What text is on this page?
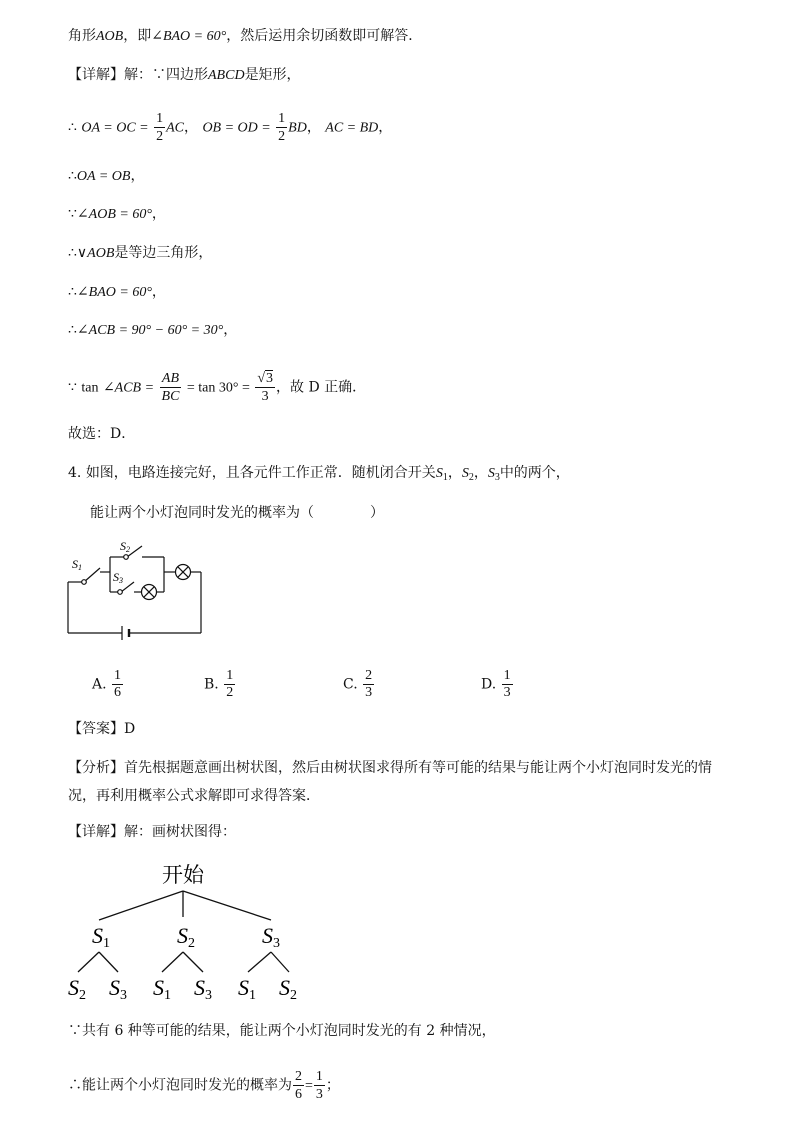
角形AOB，即∠BAO = 60°，然后运用余切函数即可解答．
【详解】解：∵四边形ABCD是矩形，
∴ OA = OC = $\frac{1}{2}$ AC， OB = OD = $\frac{1}{2}$ BD， AC = BD，
∴OA = OB，
∵∠AOB = 60°，
∴∨AOB是等边三角形，
∴∠BAO = 60°，
∴∠ACB = 90° − 60° = 30°，
∵ tan ∠ACB = $\frac{AB}{BC} = \tan 30^\circ = \frac{√3}{3}$ ，故 D 正确．
故选：D．
4. 如图，电路连接完好，且各元件工作正常．随机闭合开关$S_1$，$S_2$，$S_3$中的两个，
能让两个小灯泡同时发光的概率为（　　　　）
S1
S2
S3
A. $\frac{1}{6}$	B. $\frac{1}{2}$	C. $\frac{2}{3}$	D. $\frac{1}{3}$
【答案】D
【分析】首先根据题意画出树状图，然后由树状图求得所有等可能的结果与能让两个小灯泡同时发光的情
况，再利用概率公式求解即可求得答案．
【详解】解：画树状图得：
开始
S1	S2	S3
S2 S3 S1 S3 S1 S2
∵共有 6 种等可能的结果，能让两个小灯泡同时发光的有 2 种情况，
∴能让两个小灯泡同时发光的概率为 $\frac{2}{6} = \frac{1}{3}$ ；
